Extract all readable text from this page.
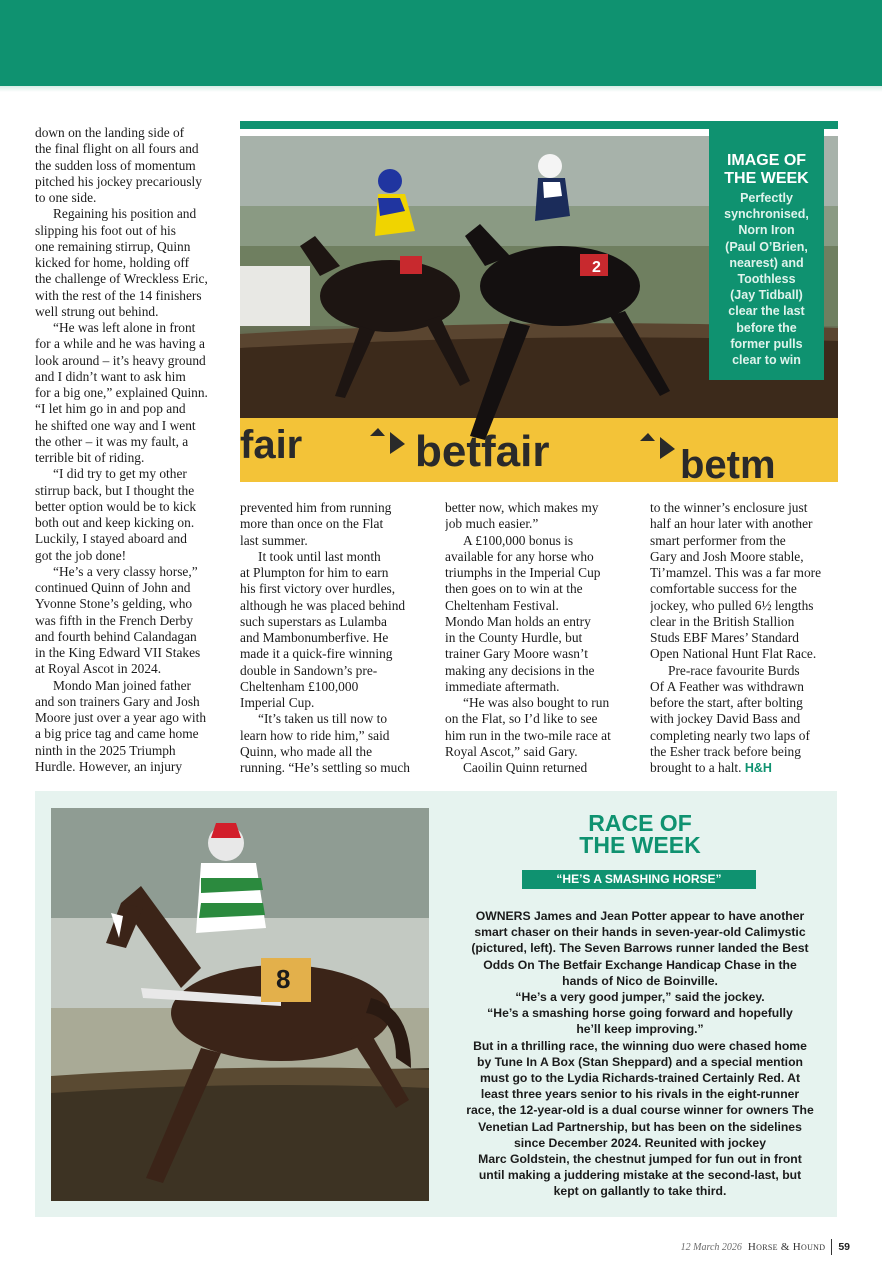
down on the landing side of

the final flight on all fours and

the sudden loss of momentum

pitched his jockey precariously

to one side.

Regaining his position and

slipping his foot out of his

one remaining stirrup, Quinn

kicked for home, holding off

the challenge of Wreckless Eric,

with the rest of the 14 finishers

well strung out behind.

“He was left alone in front

for a while and he was having a

look around – it’s heavy ground

and I didn’t want to ask him

for a big one,” explained Quinn.

“I let him go in and pop and

he shifted one way and I went

the other – it was my fault, a

terrible bit of riding.

“I did try to get my other

stirrup back, but I thought the

better option would be to kick

both out and keep kicking on.

Luckily, I stayed aboard and

got the job done!

“He’s a very classy horse,”

continued Quinn of John and

Yvonne Stone’s gelding, who

was fifth in the French Derby

and fourth behind Calandagan

in the King Edward VII Stakes

at Royal Ascot in 2024.

Mondo Man joined father

and son trainers Gary and Josh

Moore just over a year ago with

a big price tag and came home

ninth in the 2025 Triumph

Hurdle. However, an injury

fair	betfair	betm
2
IMAGE OF
THE WEEK
Perfectly
synchronised,
Norn Iron
(Paul O’Brien,
nearest) and
Toothless
(Jay Tidball)
clear the last
before the
former pulls
clear to win

prevented him from running

more than once on the Flat

last summer.

It took until last month

at Plumpton for him to earn

his first victory over hurdles,

although he was placed behind

such superstars as Lulamba

and Mambonumberfive. He

made it a quick-fire winning

double in Sandown’s pre-

Cheltenham £100,000

Imperial Cup.

“It’s taken us till now to

learn how to ride him,” said

Quinn, who made all the

running. “He’s settling so much

better now, which makes my

job much easier.”

A £100,000 bonus is

available for any horse who

triumphs in the Imperial Cup

then goes on to win at the

Cheltenham Festival.

Mondo Man holds an entry

in the County Hurdle, but

trainer Gary Moore wasn’t

making any decisions in the

immediate aftermath.

“He was also bought to run

on the Flat, so I’d like to see

him run in the two-mile race at

Royal Ascot,” said Gary.

Caoilin Quinn returned

to the winner’s enclosure just

half an hour later with another

smart performer from the

Gary and Josh Moore stable,

Ti’mamzel. This was a far more

comfortable success for the

jockey, who pulled 6½ lengths

clear in the British Stallion

Studs EBF Mares’ Standard

Open National Hunt Flat Race.

Pre-race favourite Burds

Of A Feather was withdrawn

before the start, after bolting

with jockey David Bass and

completing nearly two laps of

the Esher track before being

brought to a halt. H&H

8
RACE OF
THE WEEK
“HE’S A SMASHING HORSE”

OWNERS James and Jean Potter appear to have another

smart chaser on their hands in seven-year-old Calimystic

(pictured, left). The Seven Barrows runner landed the Best

Odds On The Betfair Exchange Handicap Chase in the

hands of Nico de Boinville.

“He’s a very good jumper,” said the jockey.

“He’s a smashing horse going forward and hopefully

he’ll keep improving.”

But in a thrilling race, the winning duo were chased home

by Tune In A Box (Stan Sheppard) and a special mention

must go to the Lydia Richards-trained Certainly Red. At

least three years senior to his rivals in the eight-runner

race, the 12-year-old is a dual course winner for owners The

Venetian Lad Partnership, but has been on the sidelines

since December 2024. Reunited with jockey

Marc Goldstein, the chestnut jumped for fun out in front

until making a juddering mistake at the second-last, but

kept on gallantly to take third.

12 March 2026 Horse & Hound 59
